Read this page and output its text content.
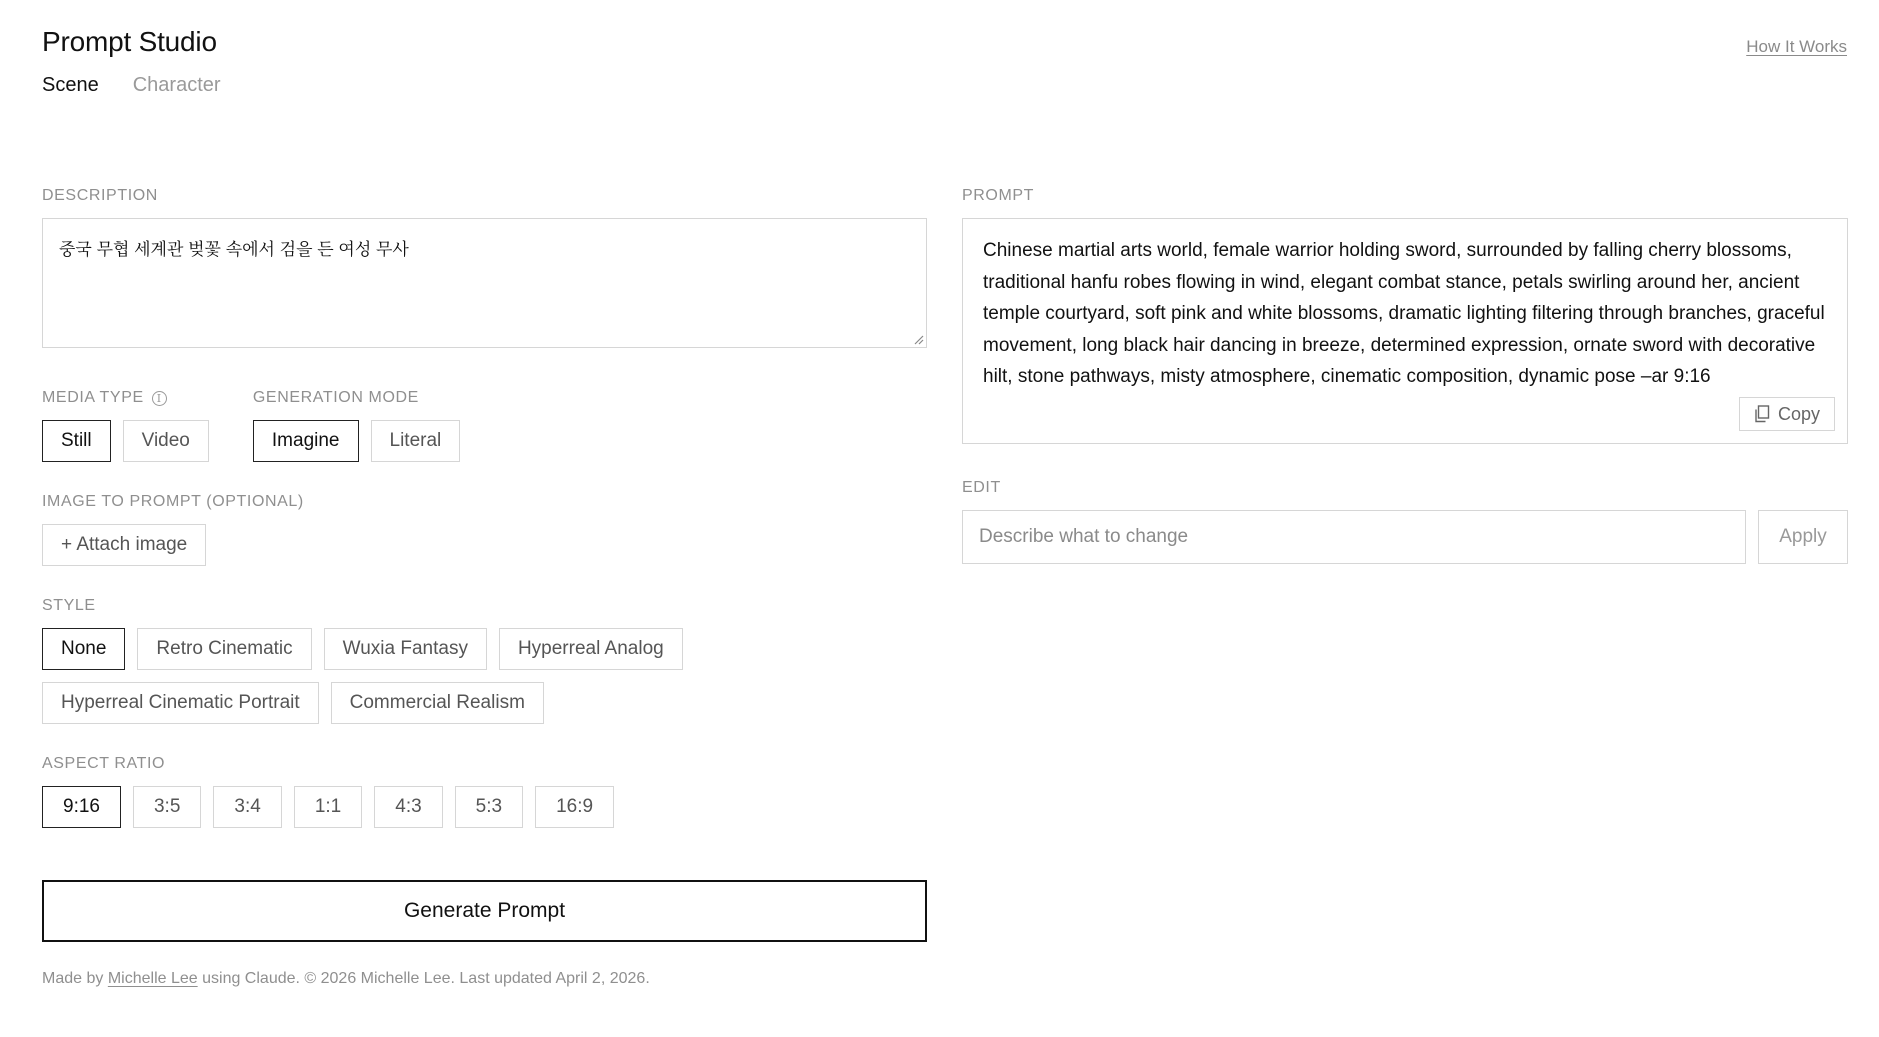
Prompt Studio	How It Works
Scene Character
DESCRIPTION
중국 무협 세계관 벚꽃 속에서 검을 든 여성 무사
MEDIA TYPE	I
Still	Video
GENERATION MODE
Imagine	Literal
IMAGE TO PROMPT (OPTIONAL)
+ Attach image
STYLE
None	Retro Cinematic	Wuxia Fantasy	Hyperreal Analog
Hyperreal Cinematic Portrait	Commercial Realism
ASPECT RATIO
9:16	3:5	3:4	1:1	4:3	5:3	16:9
Generate Prompt
Made by Michelle Lee using Claude. © 2026 Michelle Lee. Last updated April 2, 2026.
PROMPT
Chinese martial arts world, female warrior holding sword, surrounded by falling cherry blossoms, traditional hanfu robes flowing in wind, elegant combat stance, petals swirling around her, ancient temple courtyard, soft pink and white blossoms, dramatic lighting filtering through branches, graceful movement, long black hair dancing in breeze, determined expression, ornate sword with decorative hilt, stone pathways, misty atmosphere, cinematic composition, dynamic pose –ar 9:16
Copy
EDIT
Describe what to change
Apply
